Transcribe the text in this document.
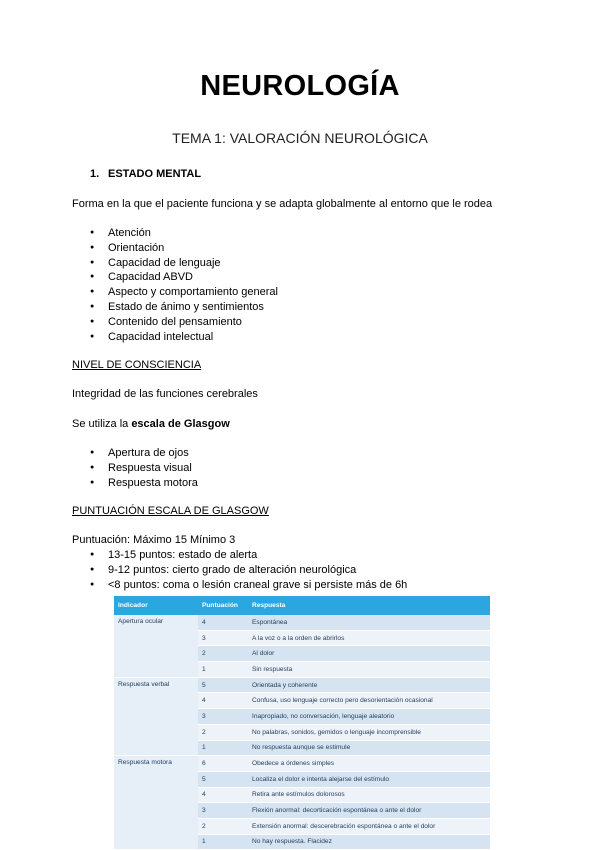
NEUROLOGÍA
TEMA 1: VALORACIÓN NEUROLÓGICA
1. ESTADO MENTAL
Forma en la que el paciente funciona y se adapta globalmente al entorno que le rodea
● Atención
● Orientación
● Capacidad de lenguaje
● Capacidad ABVD
● Aspecto y comportamiento general
● Estado de ánimo y sentimientos
● Contenido del pensamiento
● Capacidad intelectual
NIVEL DE CONSCIENCIA
Integridad de las funciones cerebrales
Se utiliza la escala de Glasgow
● Apertura de ojos
● Respuesta visual
● Respuesta motora
PUNTUACIÓN ESCALA DE GLASGOW
Puntuación: Máximo 15 Mínimo 3
● 13-15 puntos: estado de alerta
● 9-12 puntos: cierto grado de alteración neurológica
● <8 puntos: coma o lesión craneal grave si persiste más de 6h
Indicador	Puntuación	Respuesta
Apertura ocular	4	Espontánea
	3	A la voz o a la orden de abrirlos
	2	Al dolor
	1	Sin respuesta
Respuesta verbal	5	Orientada y coherente
	4	Confusa, uso lenguaje correcto pero desorientación ocasional
	3	Inapropiado, no conversación, lenguaje aleatorio
	2	No palabras, sonidos, gemidos o lenguaje incomprensible
	1	No respuesta aunque se estimule
Respuesta motora	6	Obedece a órdenes simples
	5	Localiza el dolor e intenta alejarse del estímulo
	4	Retira ante estímulos dolorosos
	3	Flexión anormal: decorticación espontánea o ante el dolor
	2	Extensión anormal: descerebración espontánea o ante el dolor
	1	No hay respuesta. Flacidez
